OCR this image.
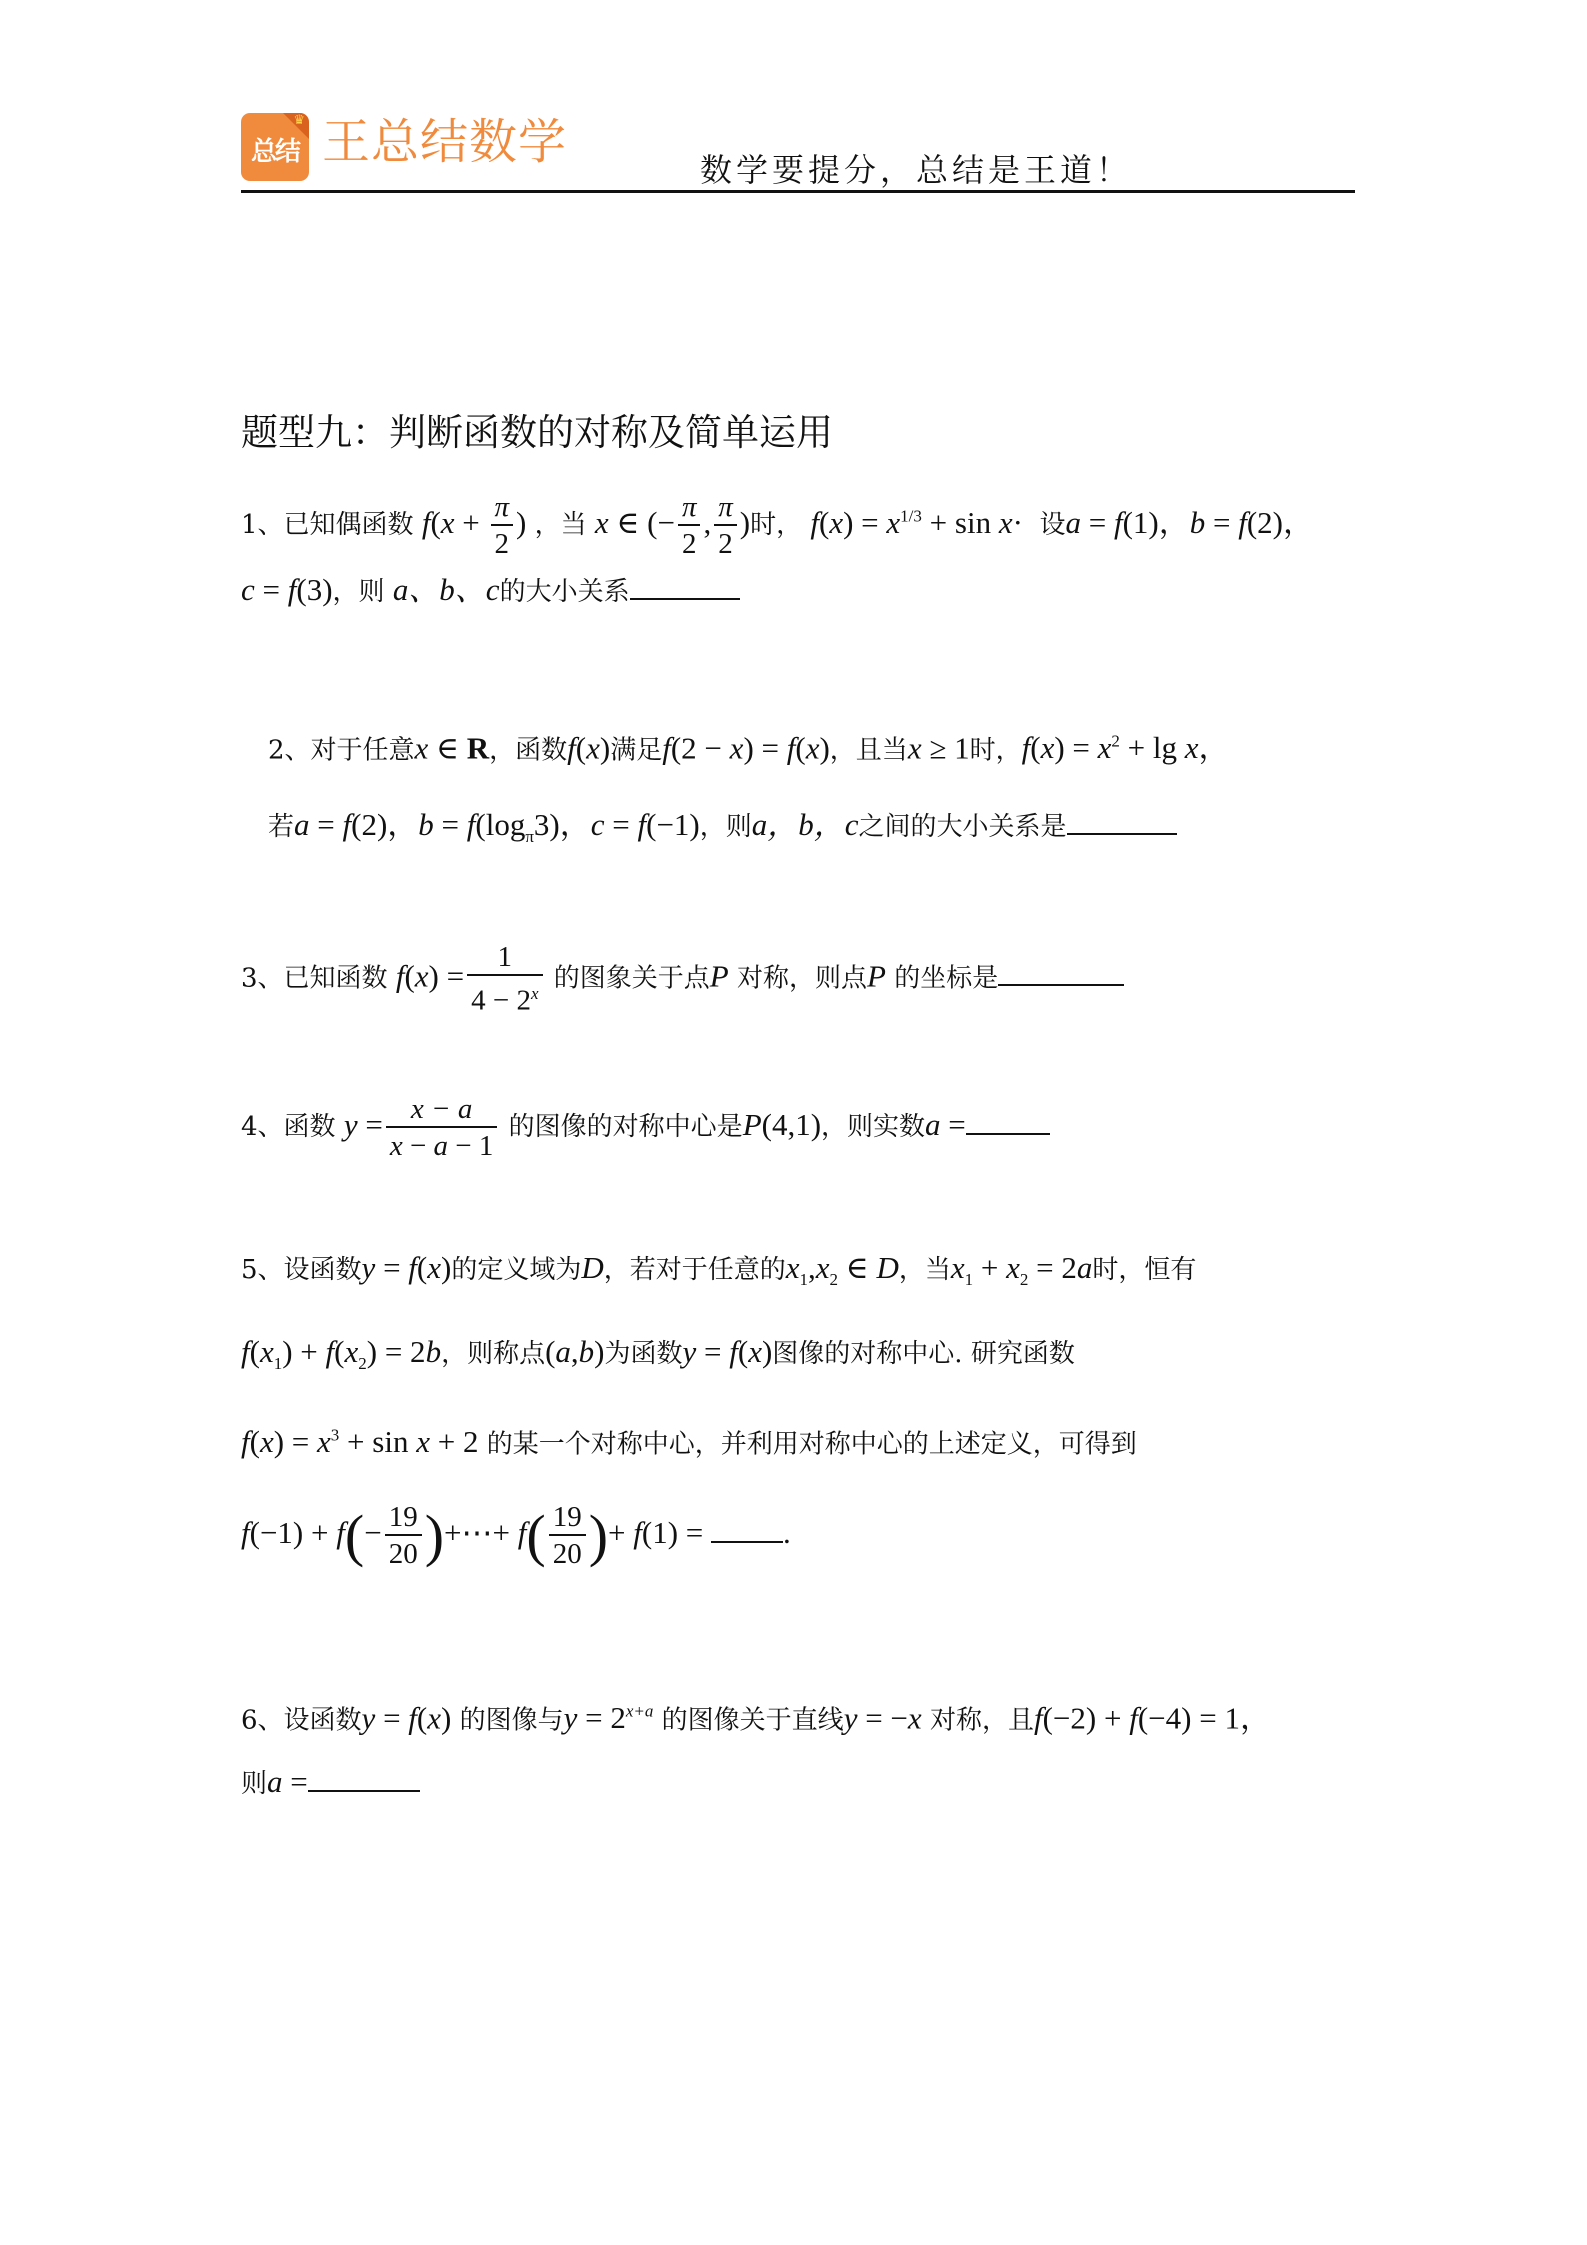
♛
总结 王总结数学	数学要提分，总结是王道！
题型九：判断函数的对称及简单运用
1、已知偶函数 $f(x + \frac{\pi}{2}$ ) ，当 x ∈ (− $\frac{\pi}{2}$ , $\frac{\pi}{2}$ )时， $f(x) = x^{1/3} + \sin x\cdot$ 设a = f(1)，b = f(2)，
c = f(3)，则 a、b、c的大小关系
2、对于任意x ∈ R，函数f(x)满足f(2 − x) = f(x)，且当x ≥ 1时，$f(x) = x^2 + \lg x$，
若a = f(2)，$b = f(\log_\pi 3)$，c = f(−1)，则a，b，c之间的大小关系是
3、已知函数 $f(x) = \frac{1}{4 - 2^x}$ 的图象关于点P 对称，则点P 的坐标是
4、函数 $y = \frac{x - a}{x - a - 1}$ 的图像的对称中心是P(4,1)，则实数a =
5、设函数y = f(x)的定义域为D，若对于任意的$x_1,x_2$ ∈ D，当$x_1 + x_2 = 2a$时，恒有
$f(x_1) + f(x_2) = 2b$，则称点(a,b)为函数y = f(x)图像的对称中心. 研究函数
$f(x) = x^3 + \sin x + 2$ 的某一个对称中心，并利用对称中心的上述定义，可得到
$f(-1) + f(- \frac{19}{20}$ )+⋯+ $f( \frac{19}{20}$ )+ f(1) = .
6、设函数y = f(x) 的图像与$y = 2^{x+a}$ 的图像关于直线y = −x 对称，且f(−2) + f(−4) = 1，
则a =
